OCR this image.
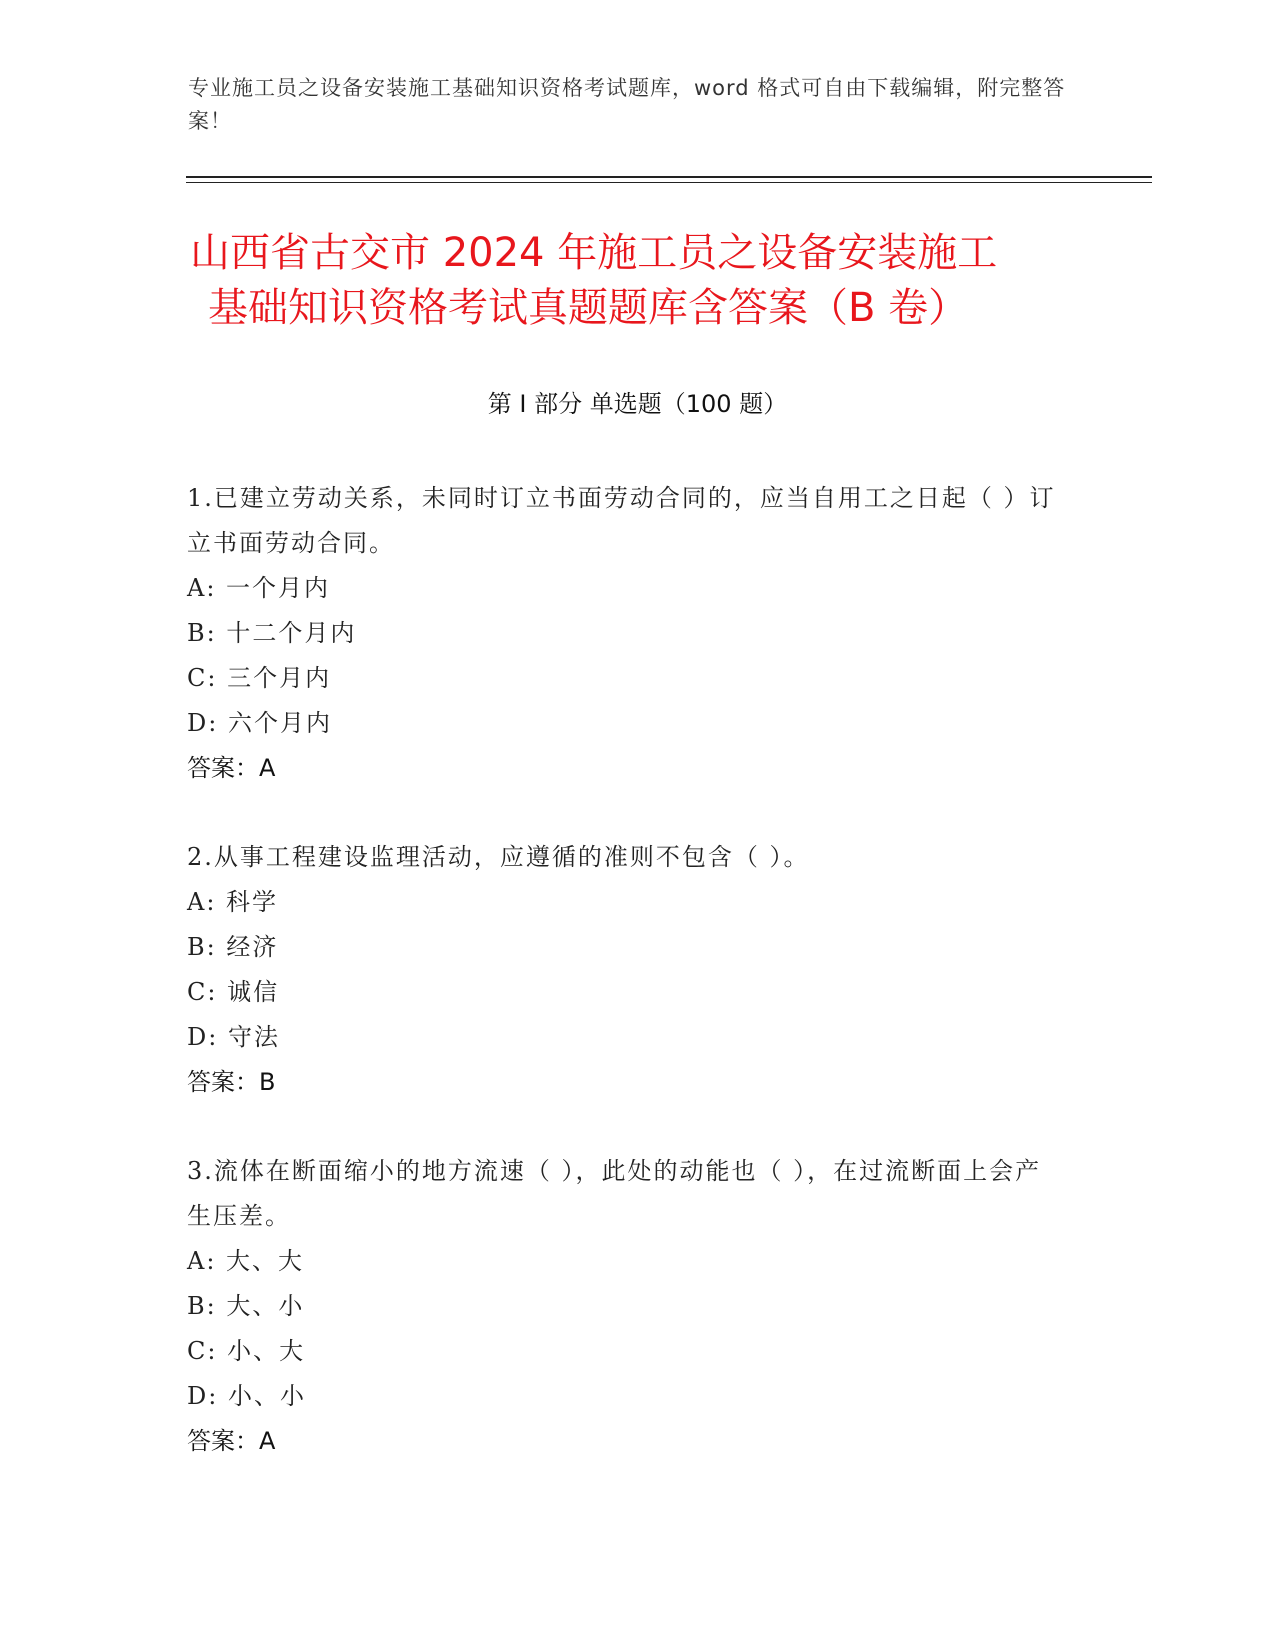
专业施工员之设备安装施工基础知识资格考试题库，word 格式可自由下载编辑，附完整答案！
山西省古交市 2024 年施工员之设备安装施工
基础知识资格考试真题题库含答案（B 卷）
第 I 部分 单选题（100 题）

1.已建立劳动关系，未同时订立书面劳动合同的，应当自用工之日起（ ）订立书面劳动合同。

A: 一个月内
B: 十二个月内
C: 三个月内
D: 六个月内
答案：A

2.从事工程建设监理活动，应遵循的准则不包含（ ）。

A: 科学
B: 经济
C: 诚信
D: 守法
答案：B

3.流体在断面缩小的地方流速（ ），此处的动能也（ ），在过流断面上会产生压差。

A: 大、大
B: 大、小
C: 小、大
D: 小、小
答案：A
